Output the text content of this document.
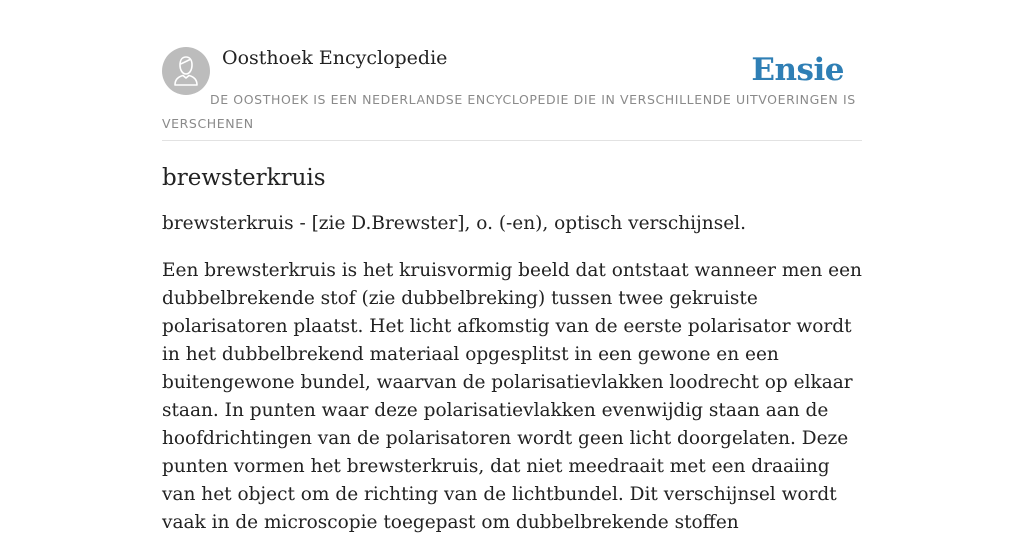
Oosthoek Encyclopedie	Ensie

DE OOSTHOEK IS EEN NEDERLANDSE ENCYCLOPEDIE DIE IN VERSCHILLENDE UITVOERINGEN IS VERSCHENEN

brewsterkruis

brewsterkruis - [zie D.Brewster], o. (-en), optisch verschijnsel.

Een brewsterkruis is het kruisvormig beeld dat ontstaat wanneer men een dubbelbrekende stof (zie dubbelbreking) tussen twee gekruiste polarisatoren plaatst. Het licht afkomstig van de eerste polarisator wordt in het dubbelbrekend materiaal opgesplitst in een gewone en een buitengewone bundel, waarvan de polarisatievlakken loodrecht op elkaar staan. In punten waar deze polarisatievlakken evenwijdig staan aan de hoofdrichtingen van de polarisatoren wordt geen licht doorgelaten. Deze punten vormen het brewsterkruis, dat niet meedraait met een draaiing van het object om de richting van de lichtbundel. Dit verschijnsel wordt vaak in de microscopie toegepast om dubbelbrekende stoffen
